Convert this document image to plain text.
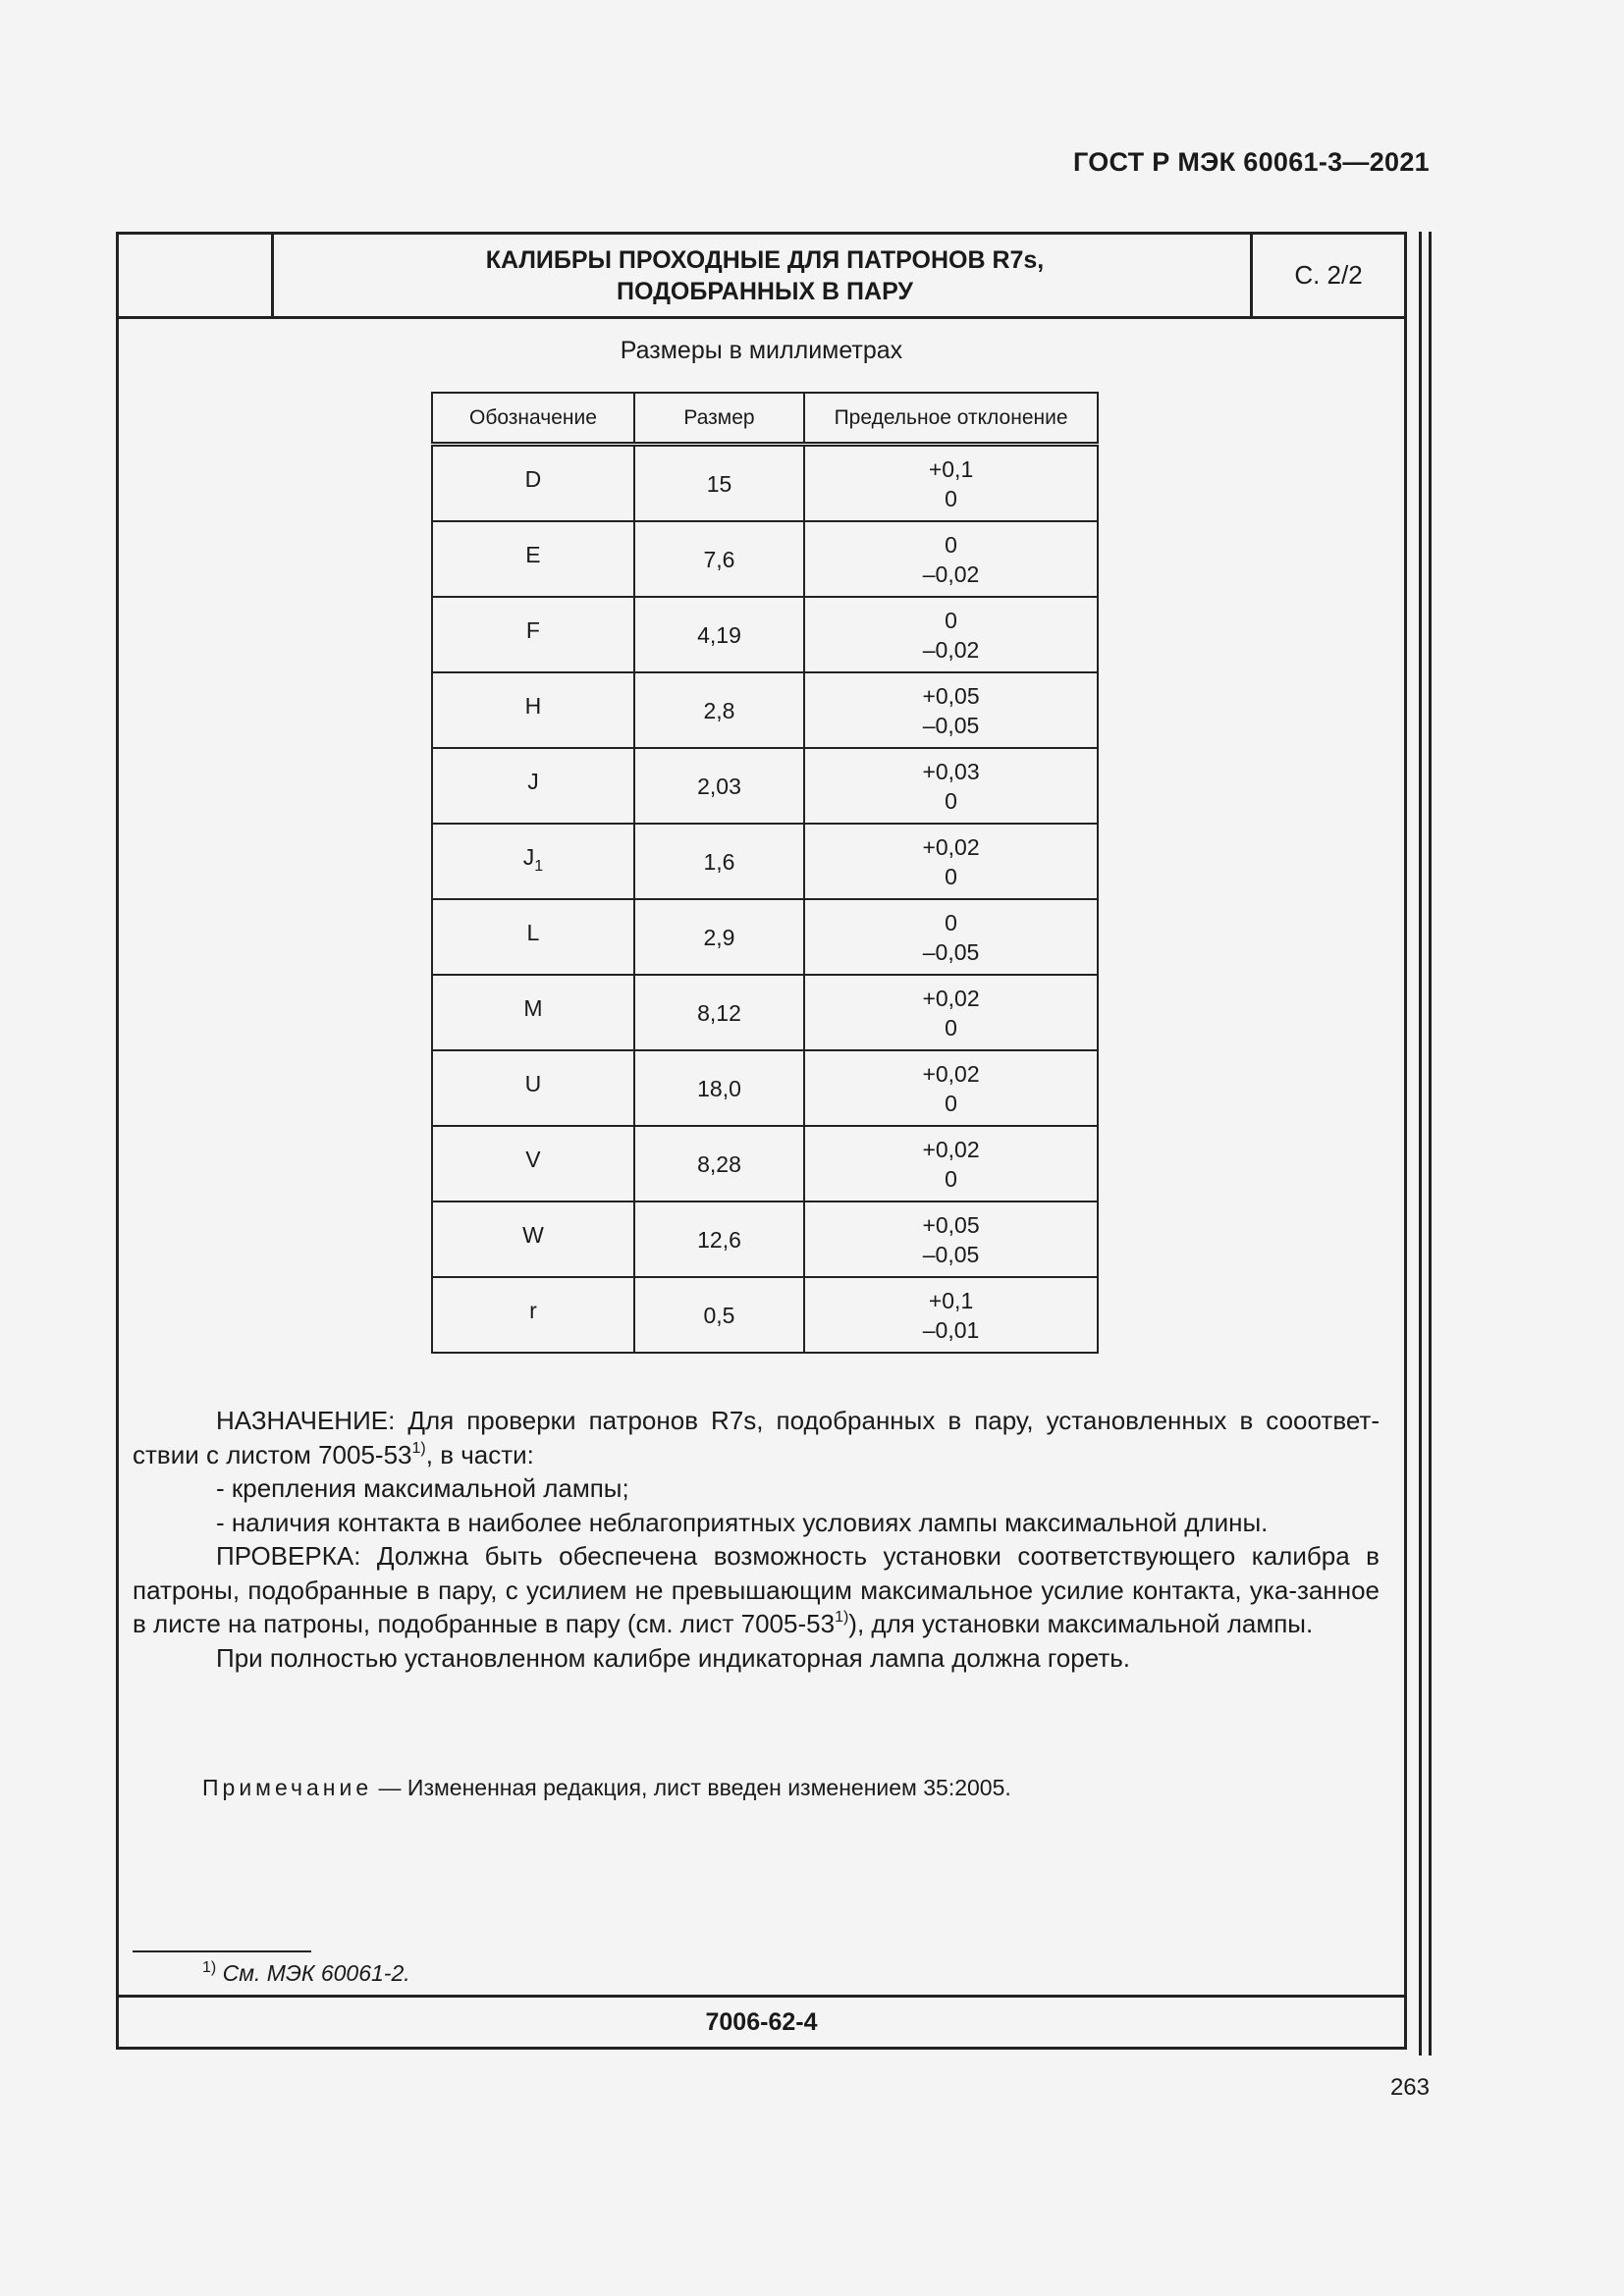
ГОСТ Р МЭК 60061-3—2021
КАЛИБРЫ ПРОХОДНЫЕ ДЛЯ ПАТРОНОВ R7s,
ПОДОБРАННЫХ В ПАРУ
С. 2/2
Размеры в миллиметрах
Обозначение	Размер	Предельное отклонение
D	15	+0,1
0

E	7,6	0
–0,02

F	4,19	0
–0,02

H	2,8	+0,05
–0,05

J	2,03	+0,03
0

$J_1$	1,6	+0,02
0

L	2,9	0
–0,05

M	8,12	+0,02
0

U	18,0	+0,02
0

V	8,28	+0,02
0

W	12,6	+0,05
–0,05

r	0,5	+0,1
–0,01

НАЗНАЧЕНИЕ: Для проверки патронов R7s, подобранных в пару, установленных в сооответ-ствии с листом 7005-53$^{1)}$, в части:

- крепления максимальной лампы;

- наличия контакта в наиболее неблагоприятных условиях лампы максимальной длины.

ПРОВЕРКА: Должна быть обеспечена возможность установки соответствующего калибра в патроны, подобранные в пару, с усилием не превышающим максимальное усилие контакта, ука-занное в листе на патроны, подобранные в пару (см. лист 7005-53$^{1)}$), для установки максимальной лампы.

При полностью установленном калибре индикаторная лампа должна гореть.

Примечание — Измененная редакция, лист введен изменением 35:2005.
$^{1)}$ См. МЭК 60061-2.
7006-62-4
263
